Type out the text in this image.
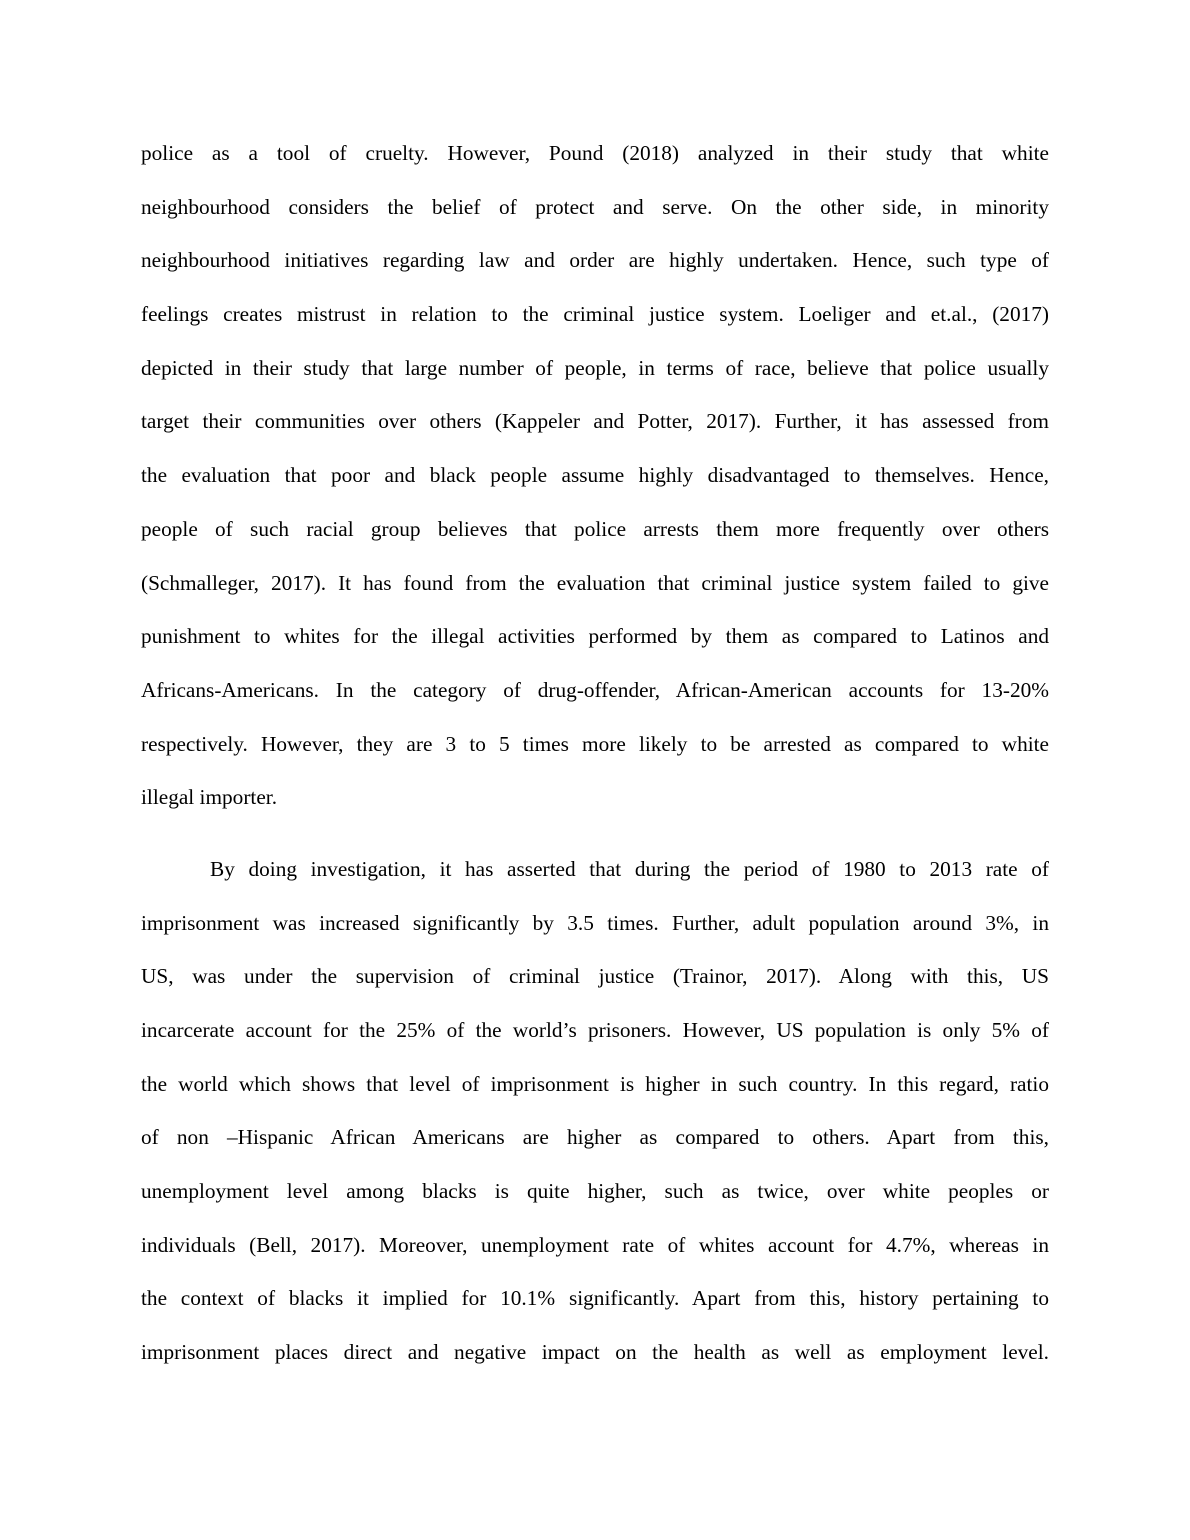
police as a tool of cruelty. However, Pound (2018) analyzed in their study that white
neighbourhood considers the belief of protect and serve. On the other side, in minority
neighbourhood initiatives regarding law and order are highly undertaken. Hence, such type of
feelings creates mistrust in relation to the criminal justice system. Loeliger and et.al., (2017)
depicted in their study that large number of people, in terms of race, believe that police usually
target their communities over others (Kappeler and Potter, 2017). Further, it has assessed from
the evaluation that poor and black people assume highly disadvantaged to themselves. Hence,
people of such racial group believes that police arrests them more frequently over others
(Schmalleger, 2017). It has found from the evaluation that criminal justice system failed to give
punishment to whites for the illegal activities performed by them as compared to Latinos and
Africans-Americans. In the category of drug-offender, African-American accounts for 13-20%
respectively. However, they are 3 to 5 times more likely to be arrested as compared to white
illegal importer.
By doing investigation, it has asserted that during the period of 1980 to 2013 rate of
imprisonment was increased significantly by 3.5 times. Further, adult population around 3%, in
US, was under the supervision of criminal justice (Trainor, 2017). Along with this, US
incarcerate account for the 25% of the world’s prisoners. However, US population is only 5% of
the world which shows that level of imprisonment is higher in such country. In this regard, ratio
of non –Hispanic African Americans are higher as compared to others. Apart from this,
unemployment level among blacks is quite higher, such as twice, over white peoples or
individuals (Bell, 2017). Moreover, unemployment rate of whites account for 4.7%, whereas in
the context of blacks it implied for 10.1% significantly. Apart from this, history pertaining to
imprisonment places direct and negative impact on the health as well as employment level.
